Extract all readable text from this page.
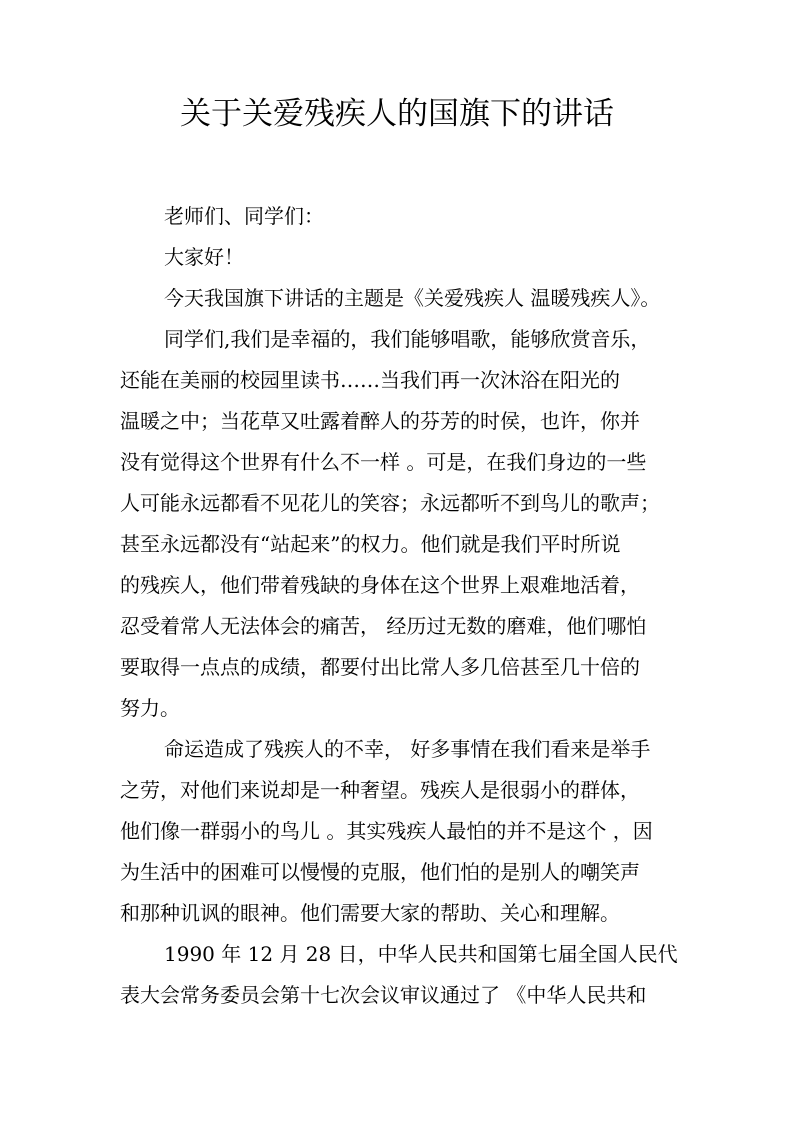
关于关爱残疾人的国旗下的讲话
老师们、同学们：
大家好！
今天我国旗下讲话的主题是《关爱残疾人 温暖残疾人》。
同学们,我们是幸福的，我们能够唱歌，能够欣赏音乐，
还能在美丽的校园里读书……当我们再一次沐浴在阳光的
温暖之中；当花草又吐露着醉人的芬芳的时侯，也许，你并
没有觉得这个世界有什么不一样 。可是，在我们身边的一些
人可能永远都看不见花儿的笑容；永远都听不到鸟儿的歌声；
甚至永远都没有“站起来”的权力。他们就是我们平时所说
的残疾人，他们带着残缺的身体在这个世界上艰难地活着，
忍受着常人无法体会的痛苦， 经历过无数的磨难，他们哪怕
要取得一点点的成绩，都要付出比常人多几倍甚至几十倍的
努力。
命运造成了残疾人的不幸， 好多事情在我们看来是举手
之劳，对他们来说却是一种奢望。残疾人是很弱小的群体，
他们像一群弱小的鸟儿 。其实残疾人最怕的并不是这个 ，因
为生活中的困难可以慢慢的克服，他们怕的是别人的嘲笑声
和那种讥讽的眼神。他们需要大家的帮助、关心和理解。
1990 年 12 月 28 日，中华人民共和国第七届全国人民代
表大会常务委员会第十七次会议审议通过了 《中华人民共和
